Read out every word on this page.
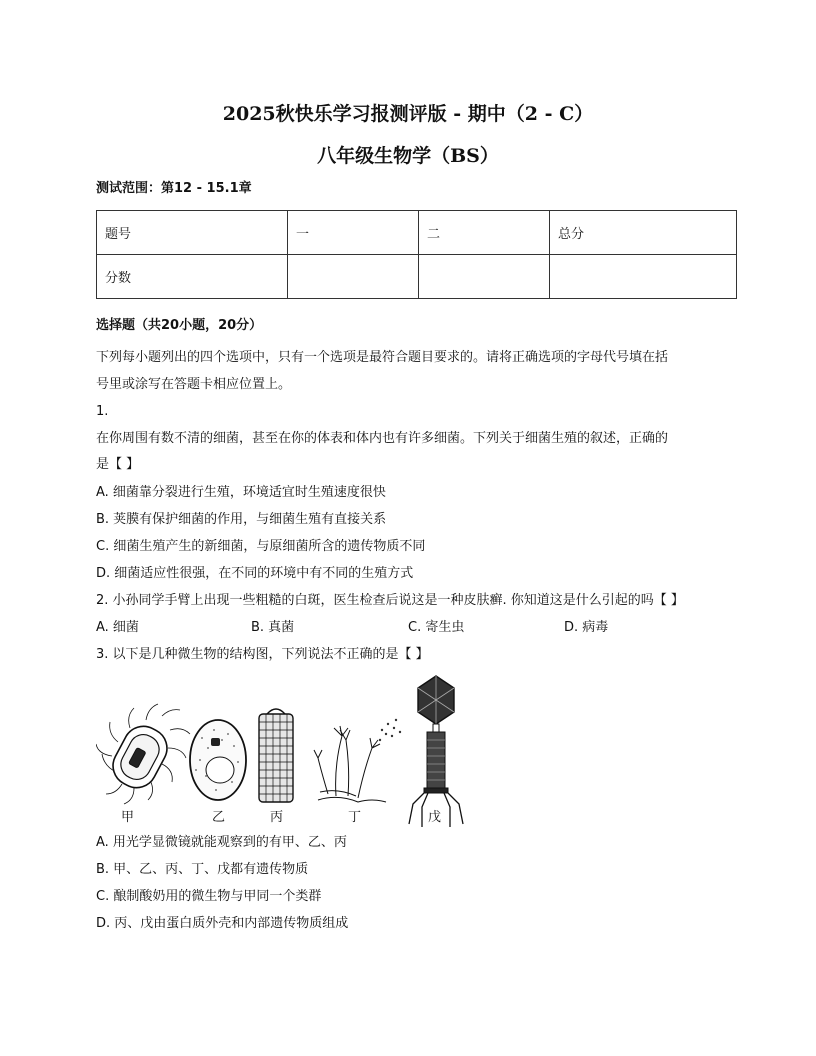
2025秋快乐学习报测评版 - 期中（2 - C）
八年级生物学（BS）
测试范围：第12 - 15.1章
题号	一	二	总分
分数			
选择题（共20小题，20分）
下列每小题列出的四个选项中，只有一个选项是最符合题目要求的。请将正确选项的字母代号填在括
号里或涂写在答题卡相应位置上。
1.
在你周围有数不清的细菌，甚至在你的体表和体内也有许多细菌。下列关于细菌生殖的叙述，正确的
是【 】
A. 细菌靠分裂进行生殖，环境适宜时生殖速度很快
B. 荚膜有保护细菌的作用，与细菌生殖有直接关系
C. 细菌生殖产生的新细菌，与原细菌所含的遗传物质不同
D. 细菌适应性很强，在不同的环境中有不同的生殖方式
2. 小孙同学手臂上出现一些粗糙的白斑，医生检查后说这是一种皮肤癣. 你知道这是什么引起的吗【 】
A. 细菌	B. 真菌	C. 寄生虫	D. 病毒
3. 以下是几种微生物的结构图，下列说法不正确的是【 】
甲	乙	丙	丁	戊
A. 用光学显微镜就能观察到的有甲、乙、丙
B. 甲、乙、丙、丁、戊都有遗传物质
C. 酿制酸奶用的微生物与甲同一个类群
D. 丙、戊由蛋白质外壳和内部遗传物质组成
